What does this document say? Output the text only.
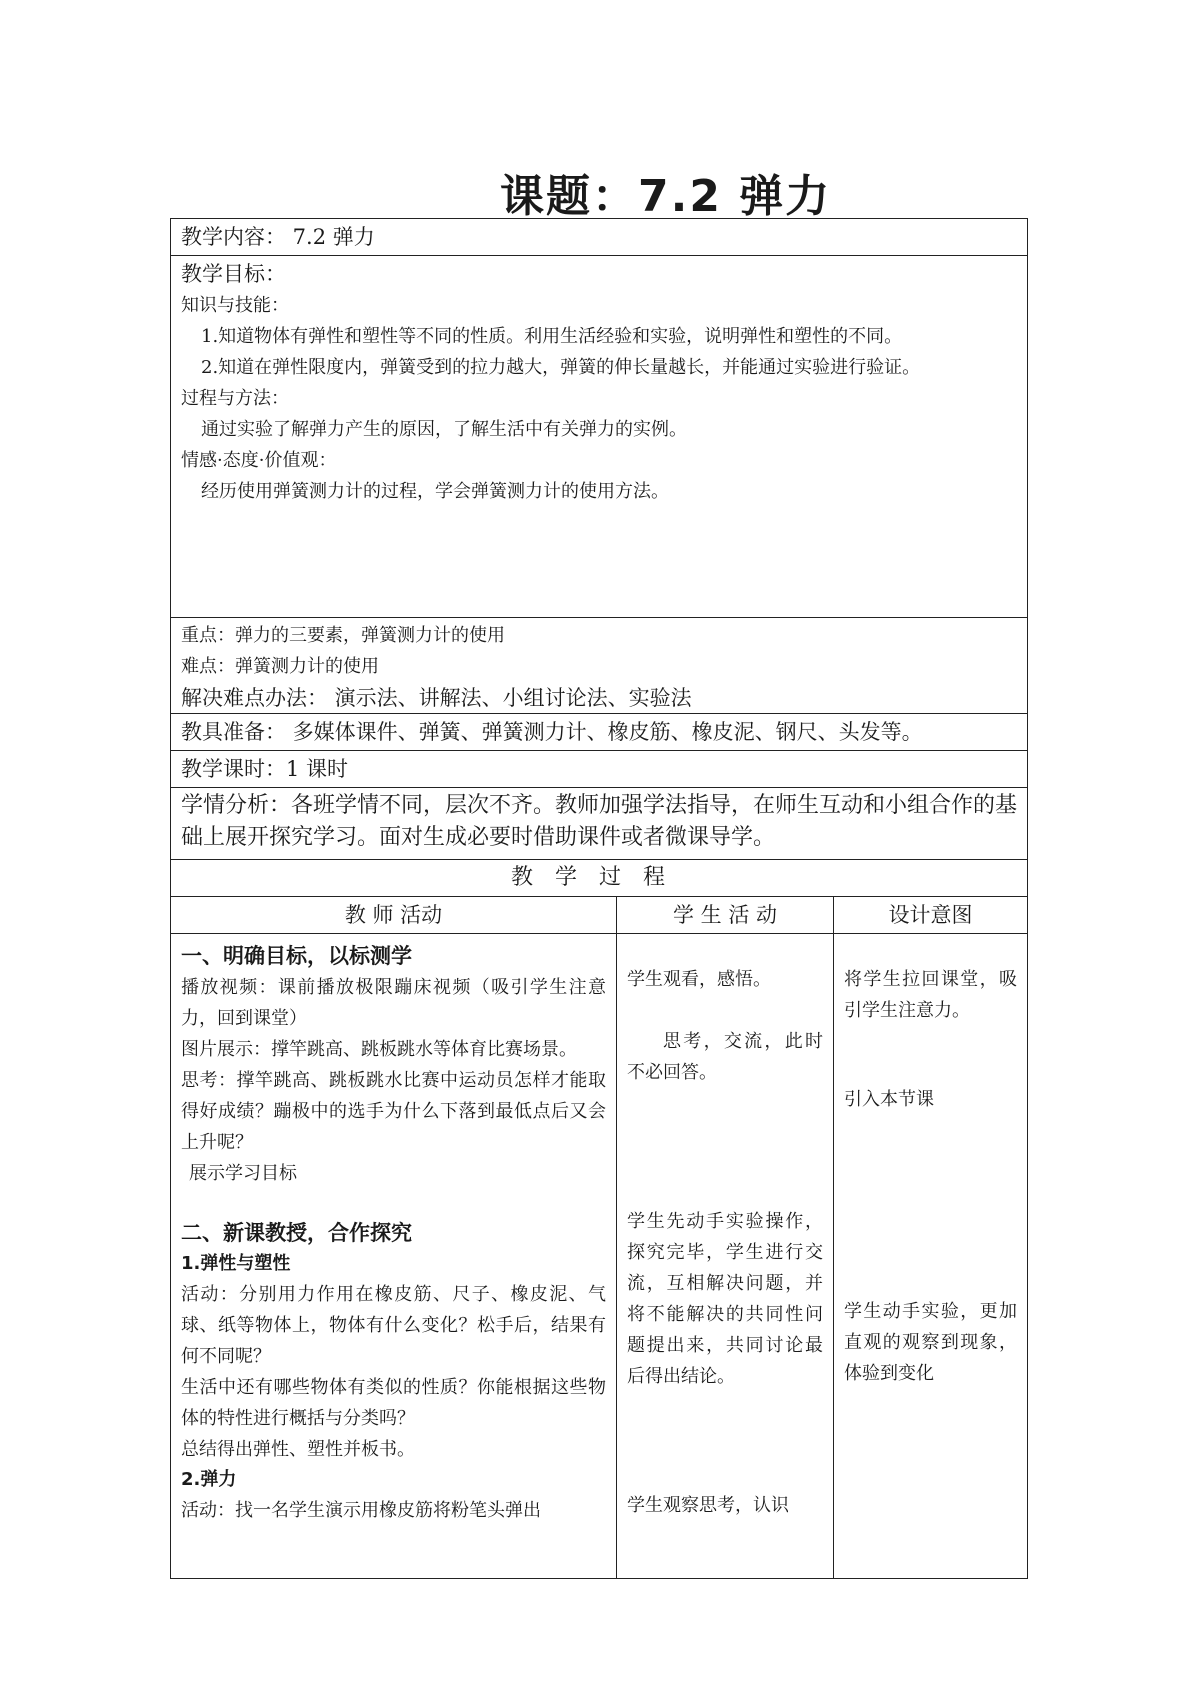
课题：7.2 弹力
教学内容： 7.2 弹力
教学目标：
知识与技能：
1.知道物体有弹性和塑性等不同的性质。利用生活经验和实验，说明弹性和塑性的不同。
2.知道在弹性限度内，弹簧受到的拉力越大，弹簧的伸长量越长，并能通过实验进行验证。
过程与方法：
通过实验了解弹力产生的原因，了解生活中有关弹力的实例。
情感·态度·价值观：
经历使用弹簧测力计的过程，学会弹簧测力计的使用方法。
重点：弹力的三要素，弹簧测力计的使用
难点：弹簧测力计的使用
解决难点办法： 演示法、讲解法、小组讨论法、实验法
教具准备： 多媒体课件、弹簧、弹簧测力计、橡皮筋、橡皮泥、钢尺、头发等。
教学课时：1 课时
学情分析：各班学情不同，层次不齐。教师加强学法指导，在师生互动和小组合作的基础上展开探究学习。面对生成必要时借助课件或者微课导学。
教学过程
教 师 活动	学 生 活 动	设计意图
一、明确目标，以标测学

播放视频：课前播放极限蹦床视频（吸引学生注意力，回到课堂）

图片展示：撑竿跳高、跳板跳水等体育比赛场景。

思考：撑竿跳高、跳板跳水比赛中运动员怎样才能取得好成绩？蹦极中的选手为什么下落到最低点后又会上升呢？

展示学习目标

二、新课教授，合作探究
1.弹性与塑性

活动：分别用力作用在橡皮筋、尺子、橡皮泥、气球、纸等物体上，物体有什么变化？松手后，结果有何不同呢？

生活中还有哪些物体有类似的性质？你能根据这些物体的特性进行概括与分类吗？

总结得出弹性、塑性并板书。

2.弹力

活动：找一名学生演示用橡皮筋将粉笔头弹出

学生观看，感悟。

思考，交流，此时不必回答。

学生先动手实验操作，探究完毕，学生进行交流，互相解决问题，并将不能解决的共同性问题提出来，共同讨论最后得出结论。

学生观察思考，认识

将学生拉回课堂，吸引学生注意力。

引入本节课

学生动手实验，更加直观的观察到现象，体验到变化
